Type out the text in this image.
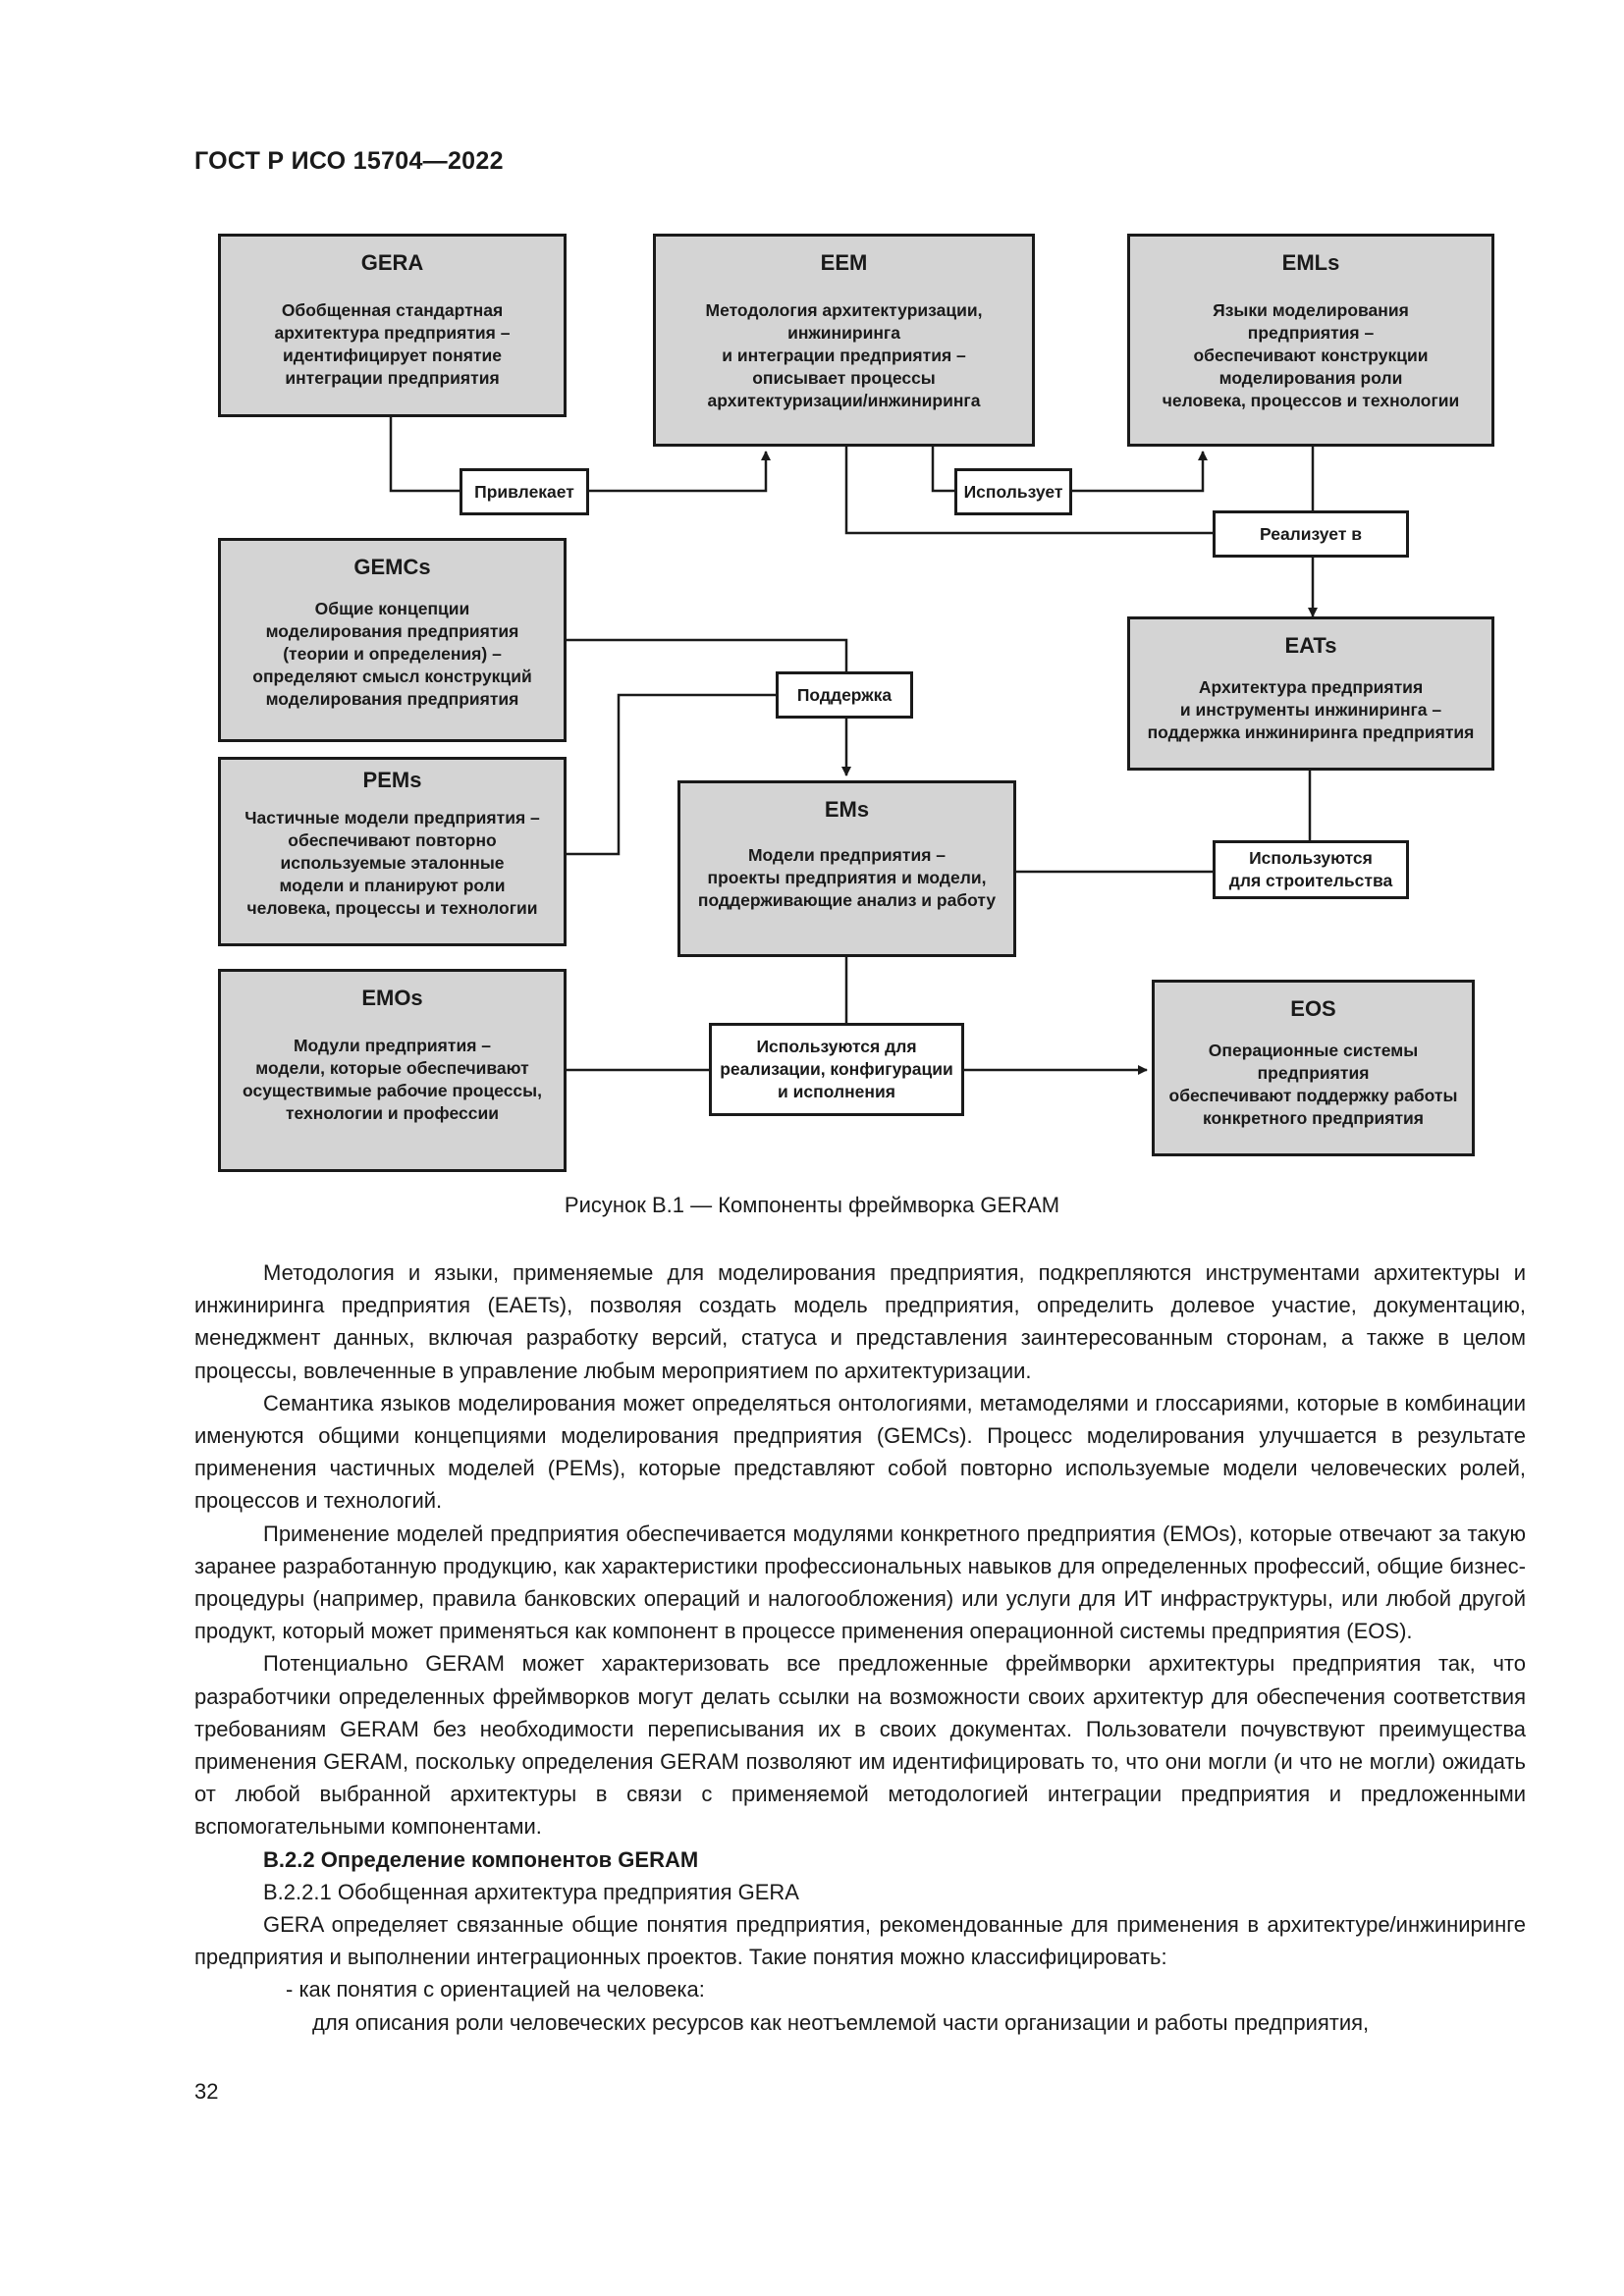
ГОСТ Р ИСО 15704—2022
GERA
Обобщенная стандартная
архитектура предприятия –
идентифицирует понятие
интеграции предприятия
EEM
Методология архитектуризации,
инжиниринга
и интеграции предприятия –
описывает процессы
архитектуризации/инжиниринга
EMLs
Языки моделирования
предприятия –
обеспечивают конструкции
моделирования роли
человека, процессов и технологии
GEMCs
Общие концепции
моделирования предприятия
(теории и определения) –
определяют смысл конструкций
моделирования предприятия
EATs
Архитектура предприятия
и инструменты инжиниринга –
поддержка инжиниринга предприятия
PEMs
Частичные модели предприятия –
обеспечивают повторно
используемые эталонные
модели и планируют роли
человека, процессы и технологии
EMs
Модели предприятия –
проекты предприятия и модели,
поддерживающие анализ и работу
EMOs
Модули предприятия –
модели, которые обеспечивают
осуществимые рабочие процессы,
технологии и профессии
EOS
Операционные системы
предприятия
обеспечивают поддержку работы
конкретного предприятия
Привлекает	Использует
Реализует в
Поддержка
Используются
для строительства
Используются для
реализации, конфигурации
и исполнения
Рисунок В.1 — Компоненты фреймворка GERAM

Методология и языки, применяемые для моделирования предприятия, подкрепляются инструментами архитектуры и инжиниринга предприятия (EAETs), позволяя создать модель предприятия, определить долевое участие, документацию, менеджмент данных, включая разработку версий, статуса и представления заинтересованным сторонам, а также в целом процессы, вовлеченные в управление любым мероприятием по архитектуризации.

Семантика языков моделирования может определяться онтологиями, метамоделями и глоссариями, которые в комбинации именуются общими концепциями моделирования предприятия (GEMCs). Процесс моделирования улучшается в результате применения частичных моделей (PEMs), которые представляют собой повторно используемые модели человеческих ролей, процессов и технологий.

Применение моделей предприятия обеспечивается модулями конкретного предприятия (EMOs), которые отвечают за такую заранее разработанную продукцию, как характеристики профессиональных навыков для определенных профессий, общие бизнес-процедуры (например, правила банковских операций и налогообложения) или услуги для ИТ инфраструктуры, или любой другой продукт, который может применяться как компонент в процессе применения операционной системы предприятия (EOS).

Потенциально GERAM может характеризовать все предложенные фреймворки архитектуры предприятия так, что разработчики определенных фреймворков могут делать ссылки на возможности своих архитектур для обеспечения соответствия требованиям GERAM без необходимости переписывания их в своих документах. Пользователи почувствуют преимущества применения GERAM, поскольку определения GERAM позволяют им идентифицировать то, что они могли (и что не могли) ожидать от любой выбранной архитектуры в связи с применяемой методологией интеграции предприятия и предложенными вспомогательными компонентами.

В.2.2 Определение компонентов GERAM

В.2.2.1 Обобщенная архитектура предприятия GERA

GERA определяет связанные общие понятия предприятия, рекомендованные для применения в архитектуре/инжиниринге предприятия и выполнении интеграционных проектов. Такие понятия можно классифицировать:

- как понятия с ориентацией на человека:

для описания роли человеческих ресурсов как неотъемлемой части организации и работы предприятия,

32
